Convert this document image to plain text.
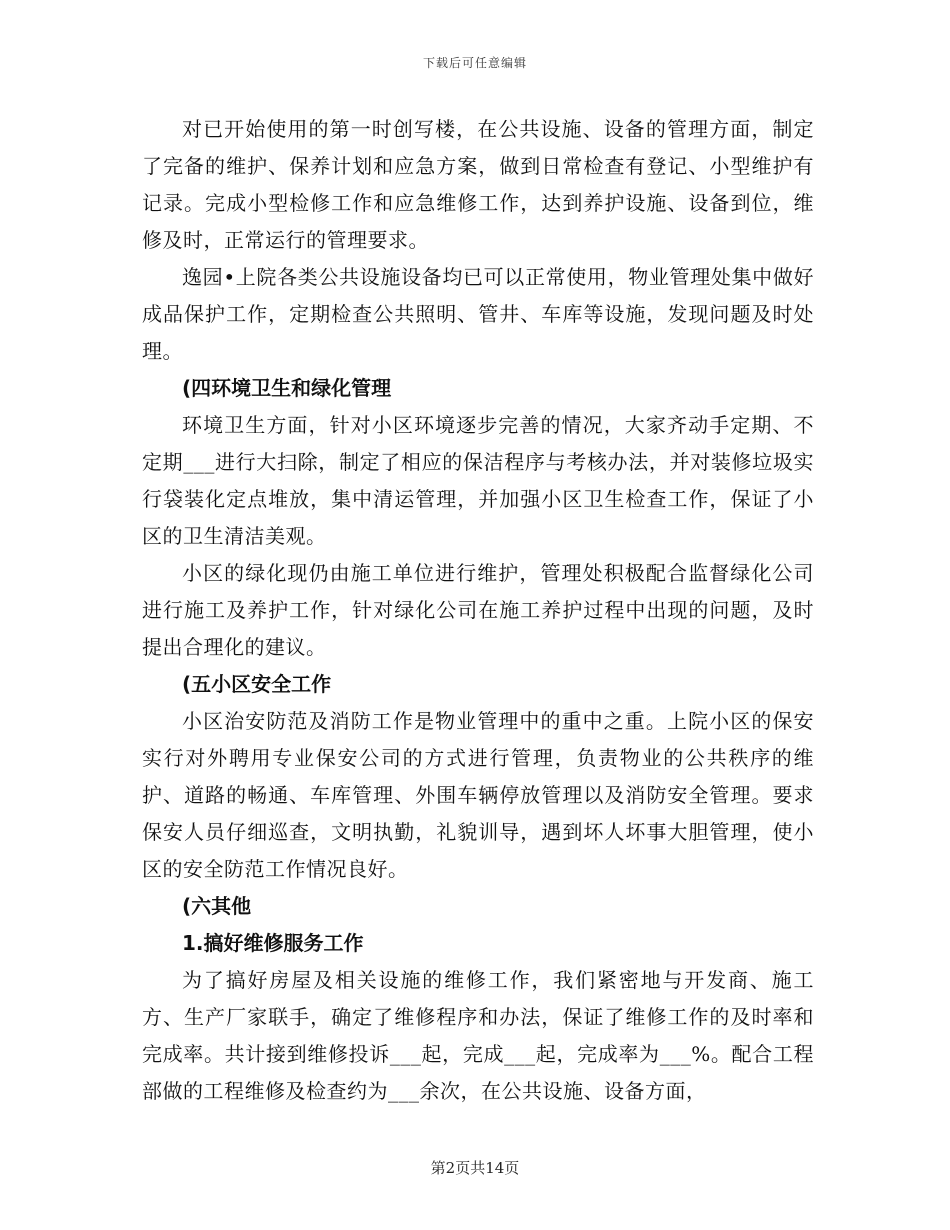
下载后可任意编辑

对已开始使用的第一时创写楼，在公共设施、设备的管理方面，制定了完备的维护、保养计划和应急方案，做到日常检查有登记、小型维护有记录。完成小型检修工作和应急维修工作，达到养护设施、设备到位，维修及时，正常运行的管理要求。

逸园•上院各类公共设施设备均已可以正常使用，物业管理处集中做好成品保护工作，定期检查公共照明、管井、车库等设施，发现问题及时处理。

(四环境卫生和绿化管理

环境卫生方面，针对小区环境逐步完善的情况，大家齐动手定期、不定期___进行大扫除，制定了相应的保洁程序与考核办法，并对装修垃圾实行袋装化定点堆放，集中清运管理，并加强小区卫生检查工作，保证了小区的卫生清洁美观。

小区的绿化现仍由施工单位进行维护，管理处积极配合监督绿化公司进行施工及养护工作，针对绿化公司在施工养护过程中出现的问题，及时提出合理化的建议。

(五小区安全工作

小区治安防范及消防工作是物业管理中的重中之重。上院小区的保安实行对外聘用专业保安公司的方式进行管理，负责物业的公共秩序的维护、道路的畅通、车库管理、外围车辆停放管理以及消防安全管理。要求保安人员仔细巡查，文明执勤，礼貌训导，遇到坏人坏事大胆管理，使小区的安全防范工作情况良好。

(六其他

1.搞好维修服务工作

为了搞好房屋及相关设施的维修工作，我们紧密地与开发商、施工方、生产厂家联手，确定了维修程序和办法，保证了维修工作的及时率和完成率。共计接到维修投诉___起，完成___起，完成率为___%。配合工程部做的工程维修及检查约为___余次，在公共设施、设备方面，

第2页共14页
